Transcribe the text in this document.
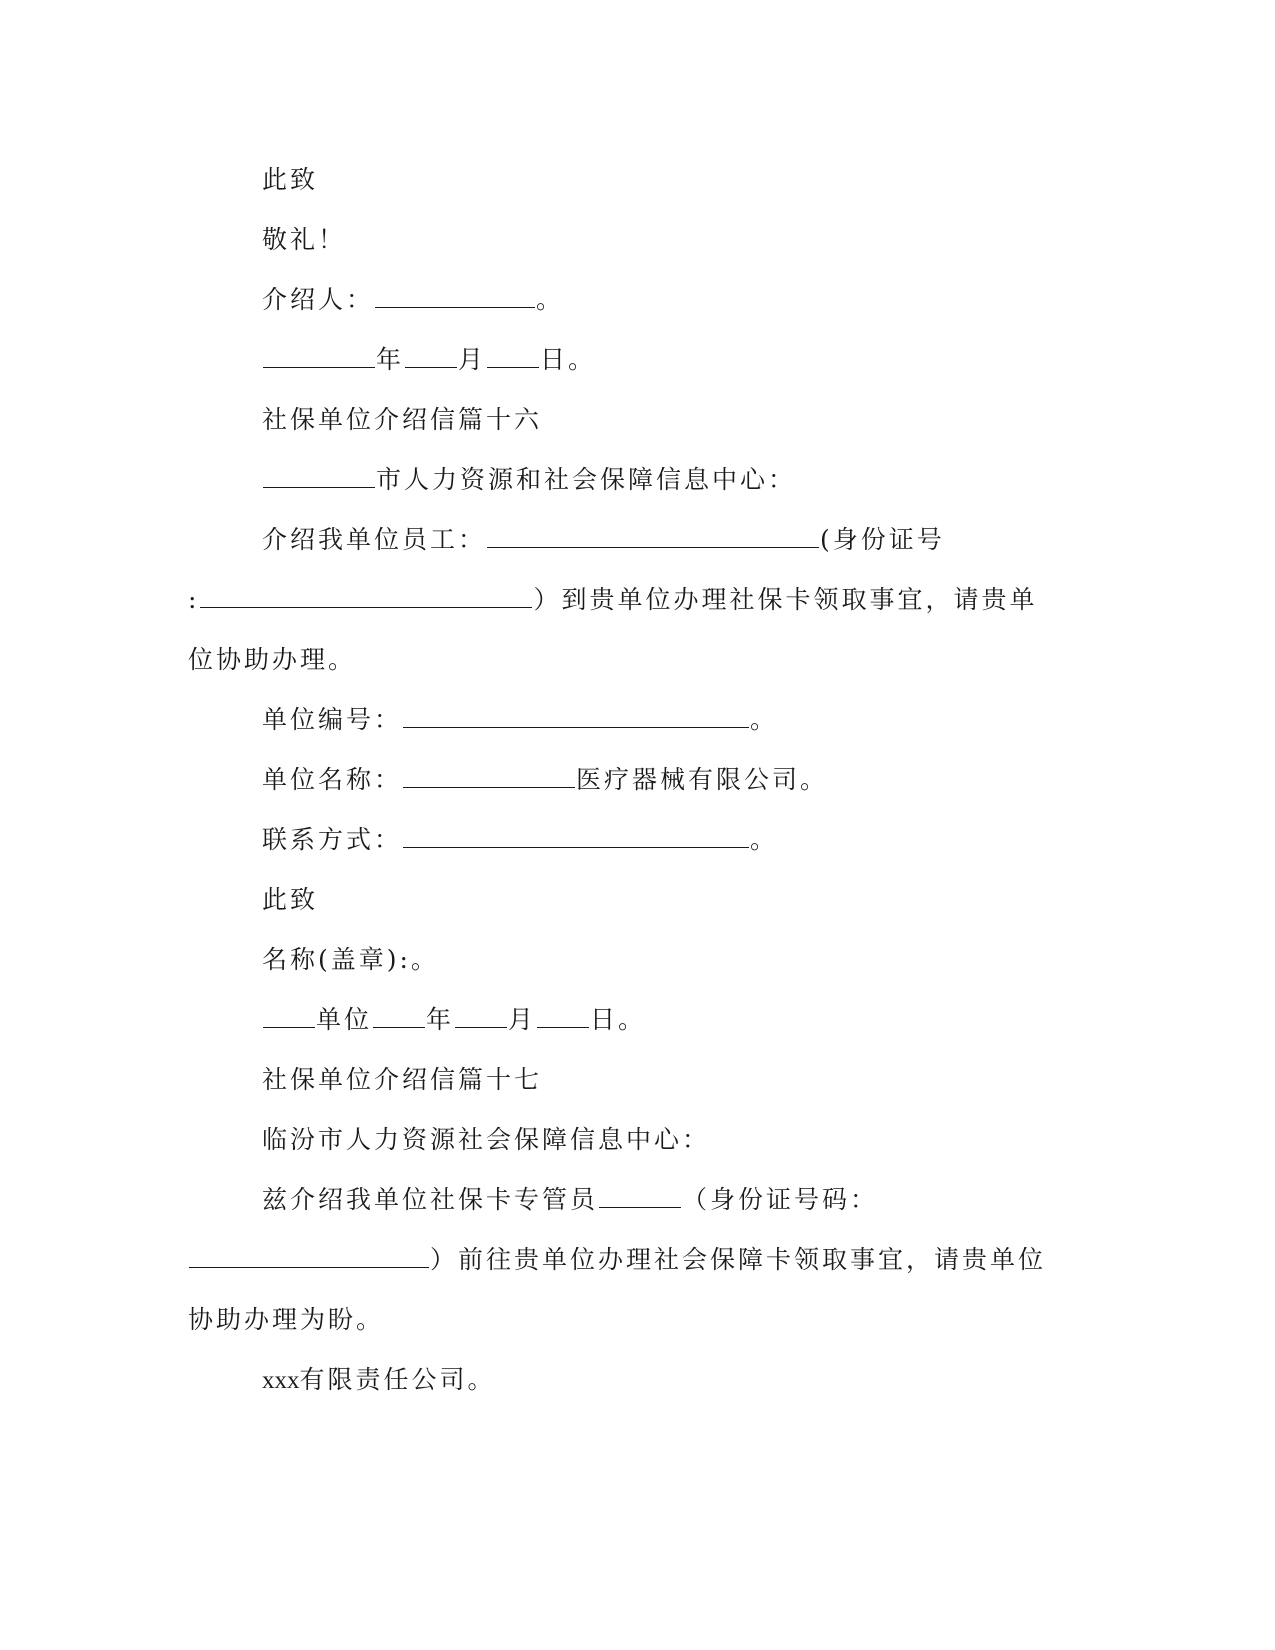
此致
敬礼！
介绍人：	。
年 月 日。
社保单位介绍信篇十六
市人力资源和社会保障信息中心：
介绍我单位员工：	(身份证号
:	）到贵单位办理社保卡领取事宜，请贵单
位协助办理。
单位编号：	。
单位名称：	医疗器械有限公司。
联系方式：	。
此致
名称(盖章):。
单位 年 月 日。
社保单位介绍信篇十七
临汾市人力资源社会保障信息中心：
兹介绍我单位社保卡专管员	（身份证号码：
）前往贵单位办理社会保障卡领取事宜，请贵单位
协助办理为盼。
xxx有限责任公司。
